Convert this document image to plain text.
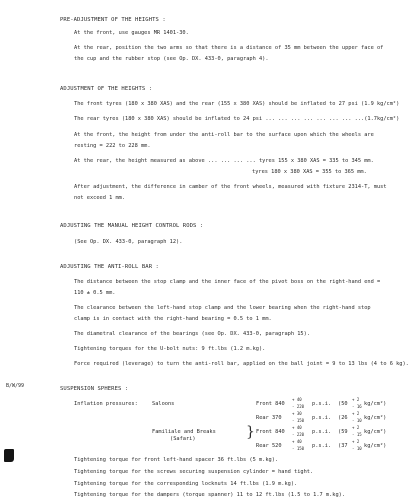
PRE-ADJUSTMENT OF THE HEIGHTS :
At the front, use gauges MR 1401-30.
At the rear, position the two arms so that there is a distance of 35 mm between the upper face of
the cup and the rubber stop (see Op. DX. 433-0, paragraph 4).
ADJUSTMENT OF THE HEIGHTS :
The front tyres (180 x 380 XAS) and the rear (155 x 380 XAS) should be inflated to 27 psi (1.9 kg/cm²)
The rear tyres (180 x 380 XAS) should be inflated to 24 psi ... ... ... ... ... ... ... ...(1.7kg/cm²)
At the front, the height from under the anti-roll bar to the surface upon which the wheels are
resting = 222 to 228 mm.
At the rear, the height measured as above ... ... ... ... tyres 155 x 380 XAS = 335 to 345 mm.
tyres 180 x 380 XAS = 355 to 365 mm.
After adjustment, the difference in camber of the front wheels, measured with fixture 2314-T, must
not exceed 1 mm.
ADJUSTING THE MANUAL HEIGHT CONTROL RODS :
(See Op. DX. 433-0, paragraph 12).
ADJUSTING THE ANTI-ROLL BAR :
The distance between the stop clamp and the inner face of the pivot boss on the right-hand end =
110 ± 0.5 mm.
The clearance between the left-hand stop clamp and the lower bearing when the right-hand stop
clamp is in contact with the right-hand bearing = 0.5 to 1 mm.
The diametral clearance of the bearings (see Op. DX. 433-0, paragraph 15).
Tightening torques for the U-bolt nuts: 9 ft.lbs (1.2 m.kg).
Force required (leverage) to turn the anti-roll bar, applied on the ball joint = 9 to 13 lbs (4 to 6 kg).
SUSPENSION SPHERES :
Inflation pressures:	Saloons
Familiale and Breaks
(Safari)	}
Front 840
+ 40
- 220 p.s.i. (50
+ 2
- 16 kg/cm²)
Rear 370
+ 30
- 150 p.s.i. (26
+ 2
- 10 kg/cm²)
Front 840
+ 40
- 220 p.s.i. (59
+ 2
- 15 kg/cm²)
Rear 520
+ 40
- 150 p.s.i. (37
+ 2
- 10 kg/cm²)
Tightening torque for front left-hand spacer 36 ft.lbs (5 m.kg).
Tightening torque for the screws securing suspension cylinder = hand tight.
Tightening torque for the corresponding locknuts 14 ft.lbs (1.9 m.kg).
Tightening torque for the dampers (torque spanner) 11 to 12 ft.lbs (1.5 to 1.7 m.kg).
B/W/99
